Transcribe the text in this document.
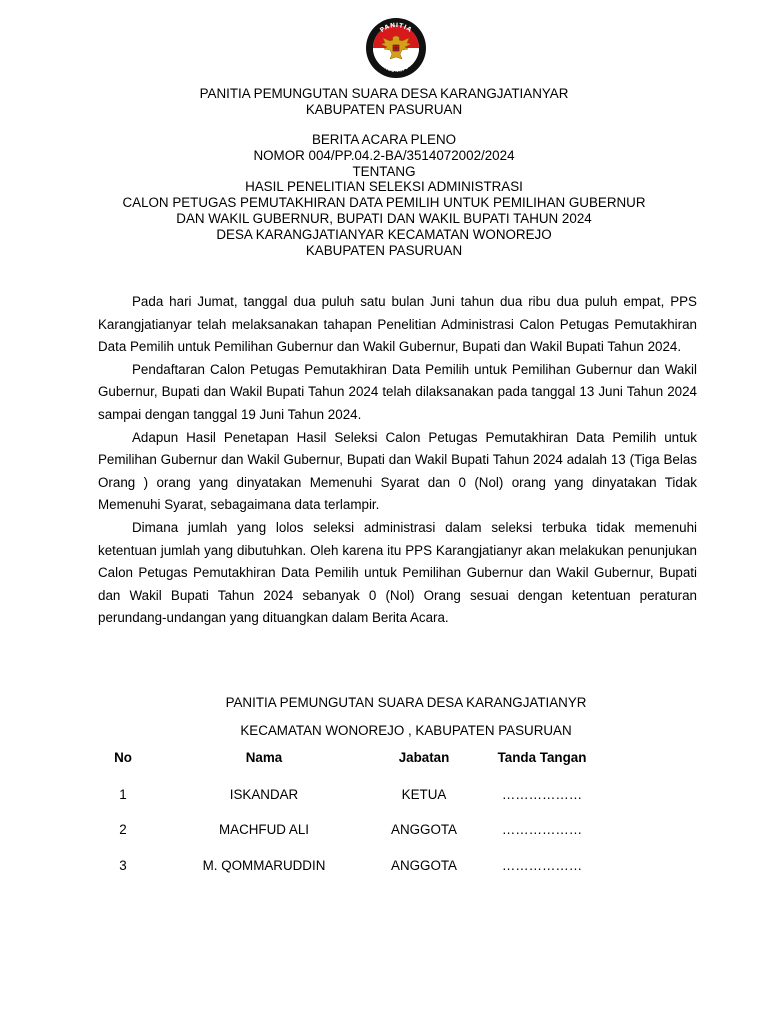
PANITIA
PEMUNGUTAN SUARA
PANITIA PEMUNGUTAN SUARA DESA KARANGJATIANYAR
KABUPATEN PASURUAN
BERITA ACARA PLENO
NOMOR 004/PP.04.2-BA/3514072002/2024
TENTANG
HASIL PENELITIAN SELEKSI ADMINISTRASI
CALON PETUGAS PEMUTAKHIRAN DATA PEMILIH UNTUK PEMILIHAN GUBERNUR
DAN WAKIL GUBERNUR, BUPATI DAN WAKIL BUPATI TAHUN 2024
DESA KARANGJATIANYAR KECAMATAN WONOREJO
KABUPATEN PASURUAN

Pada hari Jumat, tanggal dua puluh satu bulan Juni tahun dua ribu dua puluh empat, PPS Karangjatianyar telah melaksanakan tahapan Penelitian Administrasi Calon Petugas Pemutakhiran Data Pemilih untuk Pemilihan Gubernur dan Wakil Gubernur, Bupati dan Wakil Bupati Tahun 2024.

Pendaftaran Calon Petugas Pemutakhiran Data Pemilih untuk Pemilihan Gubernur dan Wakil Gubernur, Bupati dan Wakil Bupati Tahun 2024 telah dilaksanakan pada tanggal 13 Juni Tahun 2024 sampai dengan tanggal 19 Juni Tahun 2024.

Adapun Hasil Penetapan Hasil Seleksi Calon Petugas Pemutakhiran Data Pemilih untuk Pemilihan Gubernur dan Wakil Gubernur, Bupati dan Wakil Bupati Tahun 2024 adalah 13 (Tiga Belas Orang ) orang yang dinyatakan Memenuhi Syarat dan 0 (Nol) orang yang dinyatakan Tidak Memenuhi Syarat, sebagaimana data terlampir.

Dimana jumlah yang lolos seleksi administrasi dalam seleksi terbuka tidak memenuhi ketentuan jumlah yang dibutuhkan. Oleh karena itu PPS Karangjatianyr akan melakukan penunjukan Calon Petugas Pemutakhiran Data Pemilih untuk Pemilihan Gubernur dan Wakil Gubernur, Bupati dan Wakil Bupati Tahun 2024 sebanyak 0 (Nol) Orang sesuai dengan ketentuan peraturan perundang-undangan yang dituangkan dalam Berita Acara.

PANITIA PEMUNGUTAN SUARA DESA KARANGJATIANYR
KECAMATAN WONOREJO , KABUPATEN PASURUAN
No	Nama	Jabatan	Tanda Tangan
1	ISKANDAR	KETUA	………………
2	MACHFUD ALI	ANGGOTA	………………
3	M. QOMMARUDDIN	ANGGOTA	………………
